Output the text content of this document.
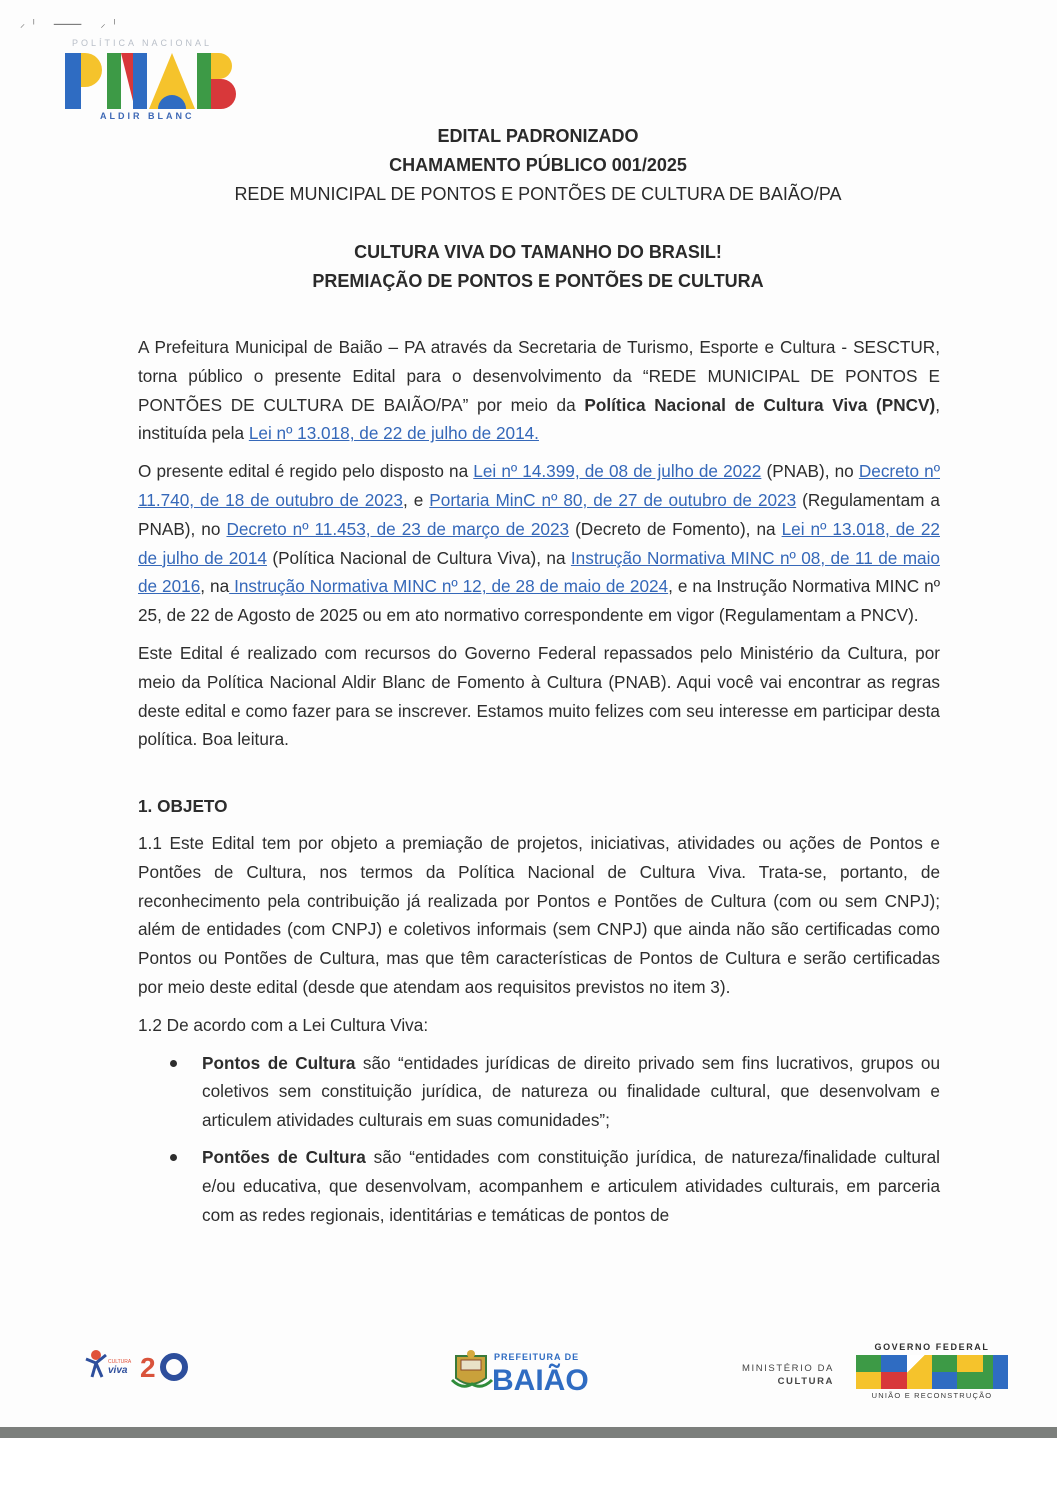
⸝ˡ ⸻ ⸝ˡ
POLÍTICA NACIONAL
ALDIR BLANC
EDITAL PADRONIZADO
CHAMAMENTO PÚBLICO 001/2025
REDE MUNICIPAL DE PONTOS E PONTÕES DE CULTURA DE BAIÃO/PA
CULTURA VIVA DO TAMANHO DO BRASIL!
PREMIAÇÃO DE PONTOS E PONTÕES DE CULTURA

A Prefeitura Municipal de Baião – PA através da Secretaria de Turismo, Esporte e Cultura - SESCTUR, torna público o presente Edital para o desenvolvimento da “REDE MUNICIPAL DE PONTOS E PONTÕES DE CULTURA DE BAIÃO/PA” por meio da Política Nacional de Cultura Viva (PNCV), instituída pela Lei nº 13.018, de 22 de julho de 2014.

O presente edital é regido pelo disposto na Lei nº 14.399, de 08 de julho de 2022 (PNAB), no Decreto nº 11.740, de 18 de outubro de 2023, e Portaria MinC nº 80, de 27 de outubro de 2023 (Regulamentam a PNAB), no Decreto nº 11.453, de 23 de março de 2023 (Decreto de Fomento), na Lei nº 13.018, de 22 de julho de 2014 (Política Nacional de Cultura Viva), na Instrução Normativa MINC nº 08, de 11 de maio de 2016, na Instrução Normativa MINC nº 12, de 28 de maio de 2024, e na Instrução Normativa MINC nº 25, de 22 de Agosto de 2025 ou em ato normativo correspondente em vigor (Regulamentam a PNCV).

Este Edital é realizado com recursos do Governo Federal repassados pelo Ministério da Cultura, por meio da Política Nacional Aldir Blanc de Fomento à Cultura (PNAB). Aqui você vai encontrar as regras deste edital e como fazer para se inscrever. Estamos muito felizes com seu interesse em participar desta política. Boa leitura.

1. OBJETO

1.1 Este Edital tem por objeto a premiação de projetos, iniciativas, atividades ou ações de Pontos e Pontões de Cultura, nos termos da Política Nacional de Cultura Viva. Trata-se, portanto, de reconhecimento pela contribuição já realizada por Pontos e Pontões de Cultura (com ou sem CNPJ); além de entidades (com CNPJ) e coletivos informais (sem CNPJ) que ainda não são certificadas como Pontos ou Pontões de Cultura, mas que têm características de Pontos de Cultura e serão certificadas por meio deste edital (desde que atendam aos requisitos previstos no item 3).

1.2 De acordo com a Lei Cultura Viva:

Pontos de Cultura são “entidades jurídicas de direito privado sem fins lucrativos, grupos ou coletivos sem constituição jurídica, de natureza ou finalidade cultural, que desenvolvam e articulem atividades culturais em suas comunidades”;
Pontões de Cultura são “entidades com constituição jurídica, de natureza/finalidade cultural e/ou educativa, que desenvolvam, acompanhem e articulem atividades culturais, em parceria com as redes regionais, identitárias e temáticas de pontos de
CULTURA
viva 2	PREFEITURA DE
BAIÃO	MINISTÉRIO DA
CULTURA
GOVERNO FEDERAL
UNIÃO E RECONSTRUÇÃO
